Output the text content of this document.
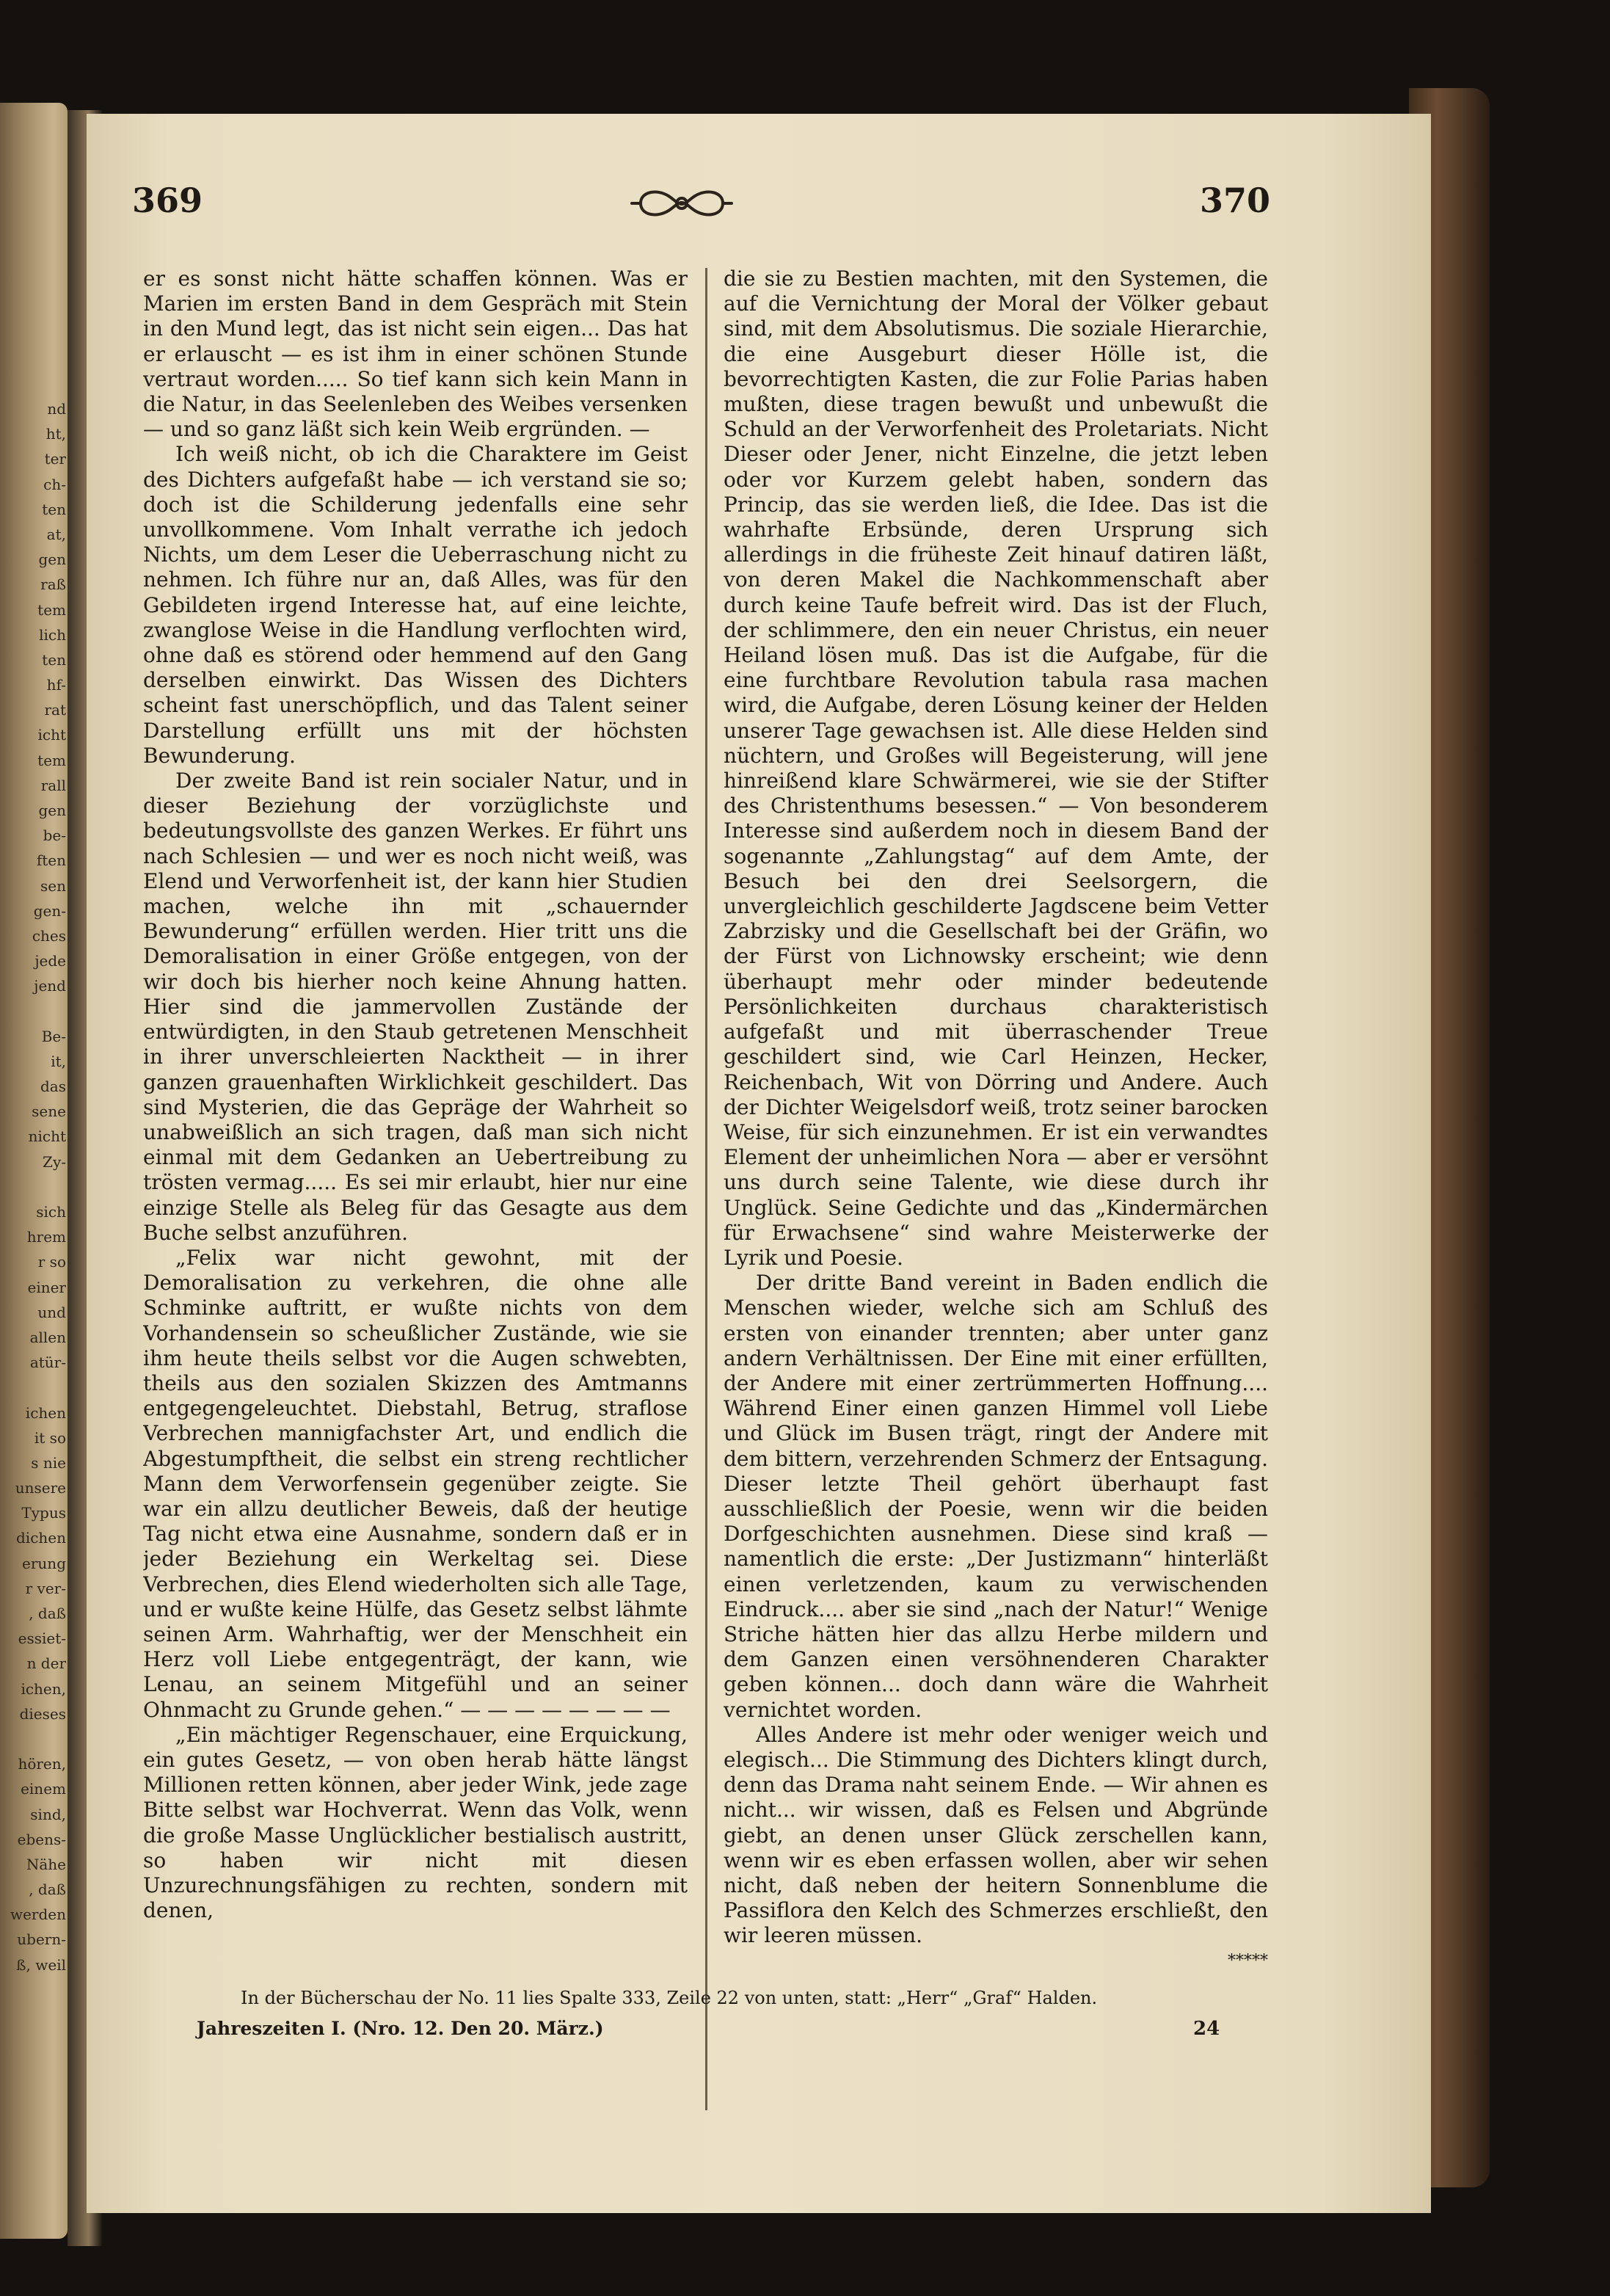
nd
ht,
ter
ch-
ten
at,
gen
raß
tem
lich
ten
hf-
rat
icht
tem
rall
gen
be-
ften
sen
gen-
ches
jede
jend
Be-
it,
das
sene
nicht
Zy-
sich
hrem
r so
einer
und
allen
atür-
ichen
it so
s nie
unsere
Typus
dichen
erung
r ver-
, daß
essiet-
n der
ichen,
dieses
hören,
einem
sind,
ebens-
Nähe
, daß
werden
ubern-
ß, weil
369	370

er es sonst nicht hätte schaffen können. Was er Marien im ersten Band in dem Gespräch mit Stein in den Mund legt, das ist nicht sein eigen... Das hat er erlauscht — es ist ihm in einer schönen Stunde vertraut worden..... So tief kann sich kein Mann in die Natur, in das Seelenleben des Weibes versenken — und so ganz läßt sich kein Weib ergründen. —

Ich weiß nicht, ob ich die Charaktere im Geist des Dichters aufgefaßt habe — ich verstand sie so; doch ist die Schilderung jedenfalls eine sehr unvollkommene. Vom Inhalt verrathe ich jedoch Nichts, um dem Leser die Ueberraschung nicht zu nehmen. Ich führe nur an, daß Alles, was für den Gebildeten irgend Interesse hat, auf eine leichte, zwanglose Weise in die Handlung verflochten wird, ohne daß es störend oder hemmend auf den Gang derselben einwirkt. Das Wissen des Dichters scheint fast unerschöpflich, und das Talent seiner Darstellung erfüllt uns mit der höchsten Bewunderung.

Der zweite Band ist rein socialer Natur, und in dieser Beziehung der vorzüglichste und bedeutungsvollste des ganzen Werkes. Er führt uns nach Schlesien — und wer es noch nicht weiß, was Elend und Verworfenheit ist, der kann hier Studien machen, welche ihn mit „schauernder Bewunderung“ erfüllen werden. Hier tritt uns die Demoralisation in einer Größe entgegen, von der wir doch bis hierher noch keine Ahnung hatten. Hier sind die jammervollen Zustände der entwürdigten, in den Staub getretenen Menschheit in ihrer unverschleierten Nacktheit — in ihrer ganzen grauenhaften Wirklichkeit geschildert. Das sind Mysterien, die das Gepräge der Wahrheit so unabweißlich an sich tragen, daß man sich nicht einmal mit dem Gedanken an Uebertreibung zu trösten vermag..... Es sei mir erlaubt, hier nur eine einzige Stelle als Beleg für das Gesagte aus dem Buche selbst anzuführen.

„Felix war nicht gewohnt, mit der Demoralisation zu verkehren, die ohne alle Schminke auftritt, er wußte nichts von dem Vorhandensein so scheußlicher Zustände, wie sie ihm heute theils selbst vor die Augen schwebten, theils aus den sozialen Skizzen des Amtmanns entgegengeleuchtet. Diebstahl, Betrug, straflose Verbrechen mannigfachster Art, und endlich die Abgestumpftheit, die selbst ein streng rechtlicher Mann dem Verworfensein gegenüber zeigte. Sie war ein allzu deutlicher Beweis, daß der heutige Tag nicht etwa eine Ausnahme, sondern daß er in jeder Beziehung ein Werkeltag sei. Diese Verbrechen, dies Elend wiederholten sich alle Tage, und er wußte keine Hülfe, das Gesetz selbst lähmte seinen Arm. Wahrhaftig, wer der Menschheit ein Herz voll Liebe entgegenträgt, der kann, wie Lenau, an seinem Mitgefühl und an seiner Ohnmacht zu Grunde gehen.“ — — — — — — — —

„Ein mächtiger Regenschauer, eine Erquickung, ein gutes Gesetz, — von oben herab hätte längst Millionen retten können, aber jeder Wink, jede zage Bitte selbst war Hochverrat. Wenn das Volk, wenn die große Masse Unglücklicher bestialisch austritt, so haben wir nicht mit diesen Unzurechnungsfähigen zu rechten, sondern mit denen,

die sie zu Bestien machten, mit den Systemen, die auf die Vernichtung der Moral der Völker gebaut sind, mit dem Absolutismus. Die soziale Hierarchie, die eine Ausgeburt dieser Hölle ist, die bevorrechtigten Kasten, die zur Folie Parias haben mußten, diese tragen bewußt und unbewußt die Schuld an der Verworfenheit des Proletariats. Nicht Dieser oder Jener, nicht Einzelne, die jetzt leben oder vor Kurzem gelebt haben, sondern das Princip, das sie werden ließ, die Idee. Das ist die wahrhafte Erbsünde, deren Ursprung sich allerdings in die früheste Zeit hinauf datiren läßt, von deren Makel die Nachkommenschaft aber durch keine Taufe befreit wird. Das ist der Fluch, der schlimmere, den ein neuer Christus, ein neuer Heiland lösen muß. Das ist die Aufgabe, für die eine furchtbare Revolution tabula rasa machen wird, die Aufgabe, deren Lösung keiner der Helden unserer Tage gewachsen ist. Alle diese Helden sind nüchtern, und Großes will Begeisterung, will jene hinreißend klare Schwärmerei, wie sie der Stifter des Christenthums besessen.“ — Von besonderem Interesse sind außerdem noch in diesem Band der sogenannte „Zahlungstag“ auf dem Amte, der Besuch bei den drei Seelsorgern, die unvergleichlich geschilderte Jagdscene beim Vetter Zabrzisky und die Gesellschaft bei der Gräfin, wo der Fürst von Lichnowsky erscheint; wie denn überhaupt mehr oder minder bedeutende Persönlichkeiten durchaus charakteristisch aufgefaßt und mit überraschender Treue geschildert sind, wie Carl Heinzen, Hecker, Reichenbach, Wit von Dörring und Andere. Auch der Dichter Weigelsdorf weiß, trotz seiner barocken Weise, für sich einzunehmen. Er ist ein verwandtes Element der unheimlichen Nora — aber er versöhnt uns durch seine Talente, wie diese durch ihr Unglück. Seine Gedichte und das „Kindermärchen für Erwachsene“ sind wahre Meisterwerke der Lyrik und Poesie.

Der dritte Band vereint in Baden endlich die Menschen wieder, welche sich am Schluß des ersten von einander trennten; aber unter ganz andern Verhältnissen. Der Eine mit einer erfüllten, der Andere mit einer zertrümmerten Hoffnung.... Während Einer einen ganzen Himmel voll Liebe und Glück im Busen trägt, ringt der Andere mit dem bittern, verzehrenden Schmerz der Entsagung. Dieser letzte Theil gehört überhaupt fast ausschließlich der Poesie, wenn wir die beiden Dorfgeschichten ausnehmen. Diese sind kraß — namentlich die erste: „Der Justizmann“ hinterläßt einen verletzenden, kaum zu verwischenden Eindruck.... aber sie sind „nach der Natur!“ Wenige Striche hätten hier das allzu Herbe mildern und dem Ganzen einen versöhnenderen Charakter geben können... doch dann wäre die Wahrheit vernichtet worden.

Alles Andere ist mehr oder weniger weich und elegisch... Die Stimmung des Dichters klingt durch, denn das Drama naht seinem Ende. — Wir ahnen es nicht... wir wissen, daß es Felsen und Abgründe giebt, an denen unser Glück zerschellen kann, wenn wir es eben erfassen wollen, aber wir sehen nicht, daß neben der heitern Sonnenblume die Passiflora den Kelch des Schmerzes erschließt, den wir leeren müssen.

*****

In der Bücherschau der No. 11 lies Spalte 333, Zeile 22 von unten, statt: „Herr“ „Graf“ Halden.
Jahreszeiten I. (Nro. 12. Den 20. März.)	24
